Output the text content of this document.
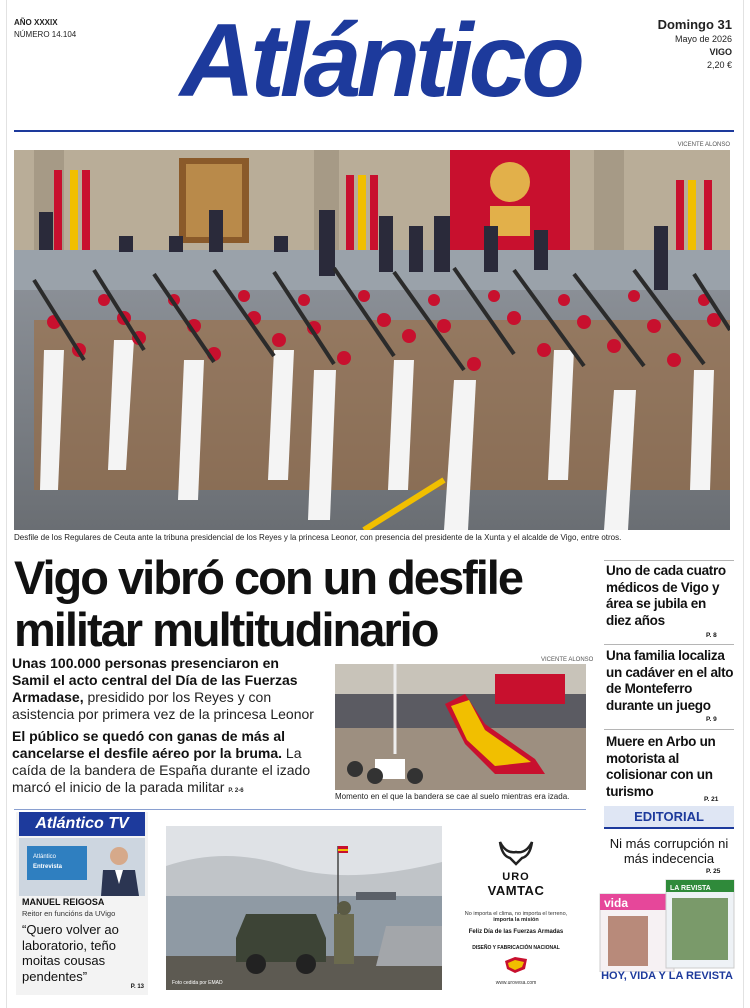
AÑO XXXIX
NÚMERO 14.104 Atlántico	Domingo 31
Mayo de 2026
VIGO
2,20 €
VICENTE ALONSO
Desfile de los Regulares de Ceuta ante la tribuna presidencial de los Reyes y la princesa Leonor, con presencia del presidente de la Xunta y el alcalde de Vigo, entre otros.
Vigo vibró con un desfile militar multitudinario

Unas 100.000 personas presenciaron en Samil el acto central del Día de las Fuerzas Armadase, presidido por los Reyes y con asistencia por primera vez de la princesa Leonor

El público se quedó con ganas de más al cancelarse el desfile aéreo por la bruma. La caída de la bandera de España durante el izado marcó el inicio de la parada militar P. 2-6

VICENTE ALONSO
Momento en el que la bandera se cae al suelo mientras era izada.
Atlántico TV
Atlántico
Entrevista
MANUEL REIGOSA
Reitor en funcións da UVigo
“Quero volver ao laboratorio, teño moitas cousas pendentes”
P. 13
Foto cedida por EMAD
URO
VAMTAC
No importa el clima, no importa el terreno,
importa la misión
Feliz Día de las Fuerzas Armadas
DISEÑO Y FABRICACIÓN NACIONAL
www.urovesa.com
Uno de cada cuatro médicos de Vigo y área se jubila en diez años
P. 8
Una familia localiza un cadáver en el alto de Monteferro durante un juego
P. 9
Muere en Arbo un motorista al colisionar con un turismo
P. 21
EDITORIAL
Ni más corrupción ni más indecencia
P. 25
vida
LA REVISTA
HOY, VIDA Y LA REVISTA
